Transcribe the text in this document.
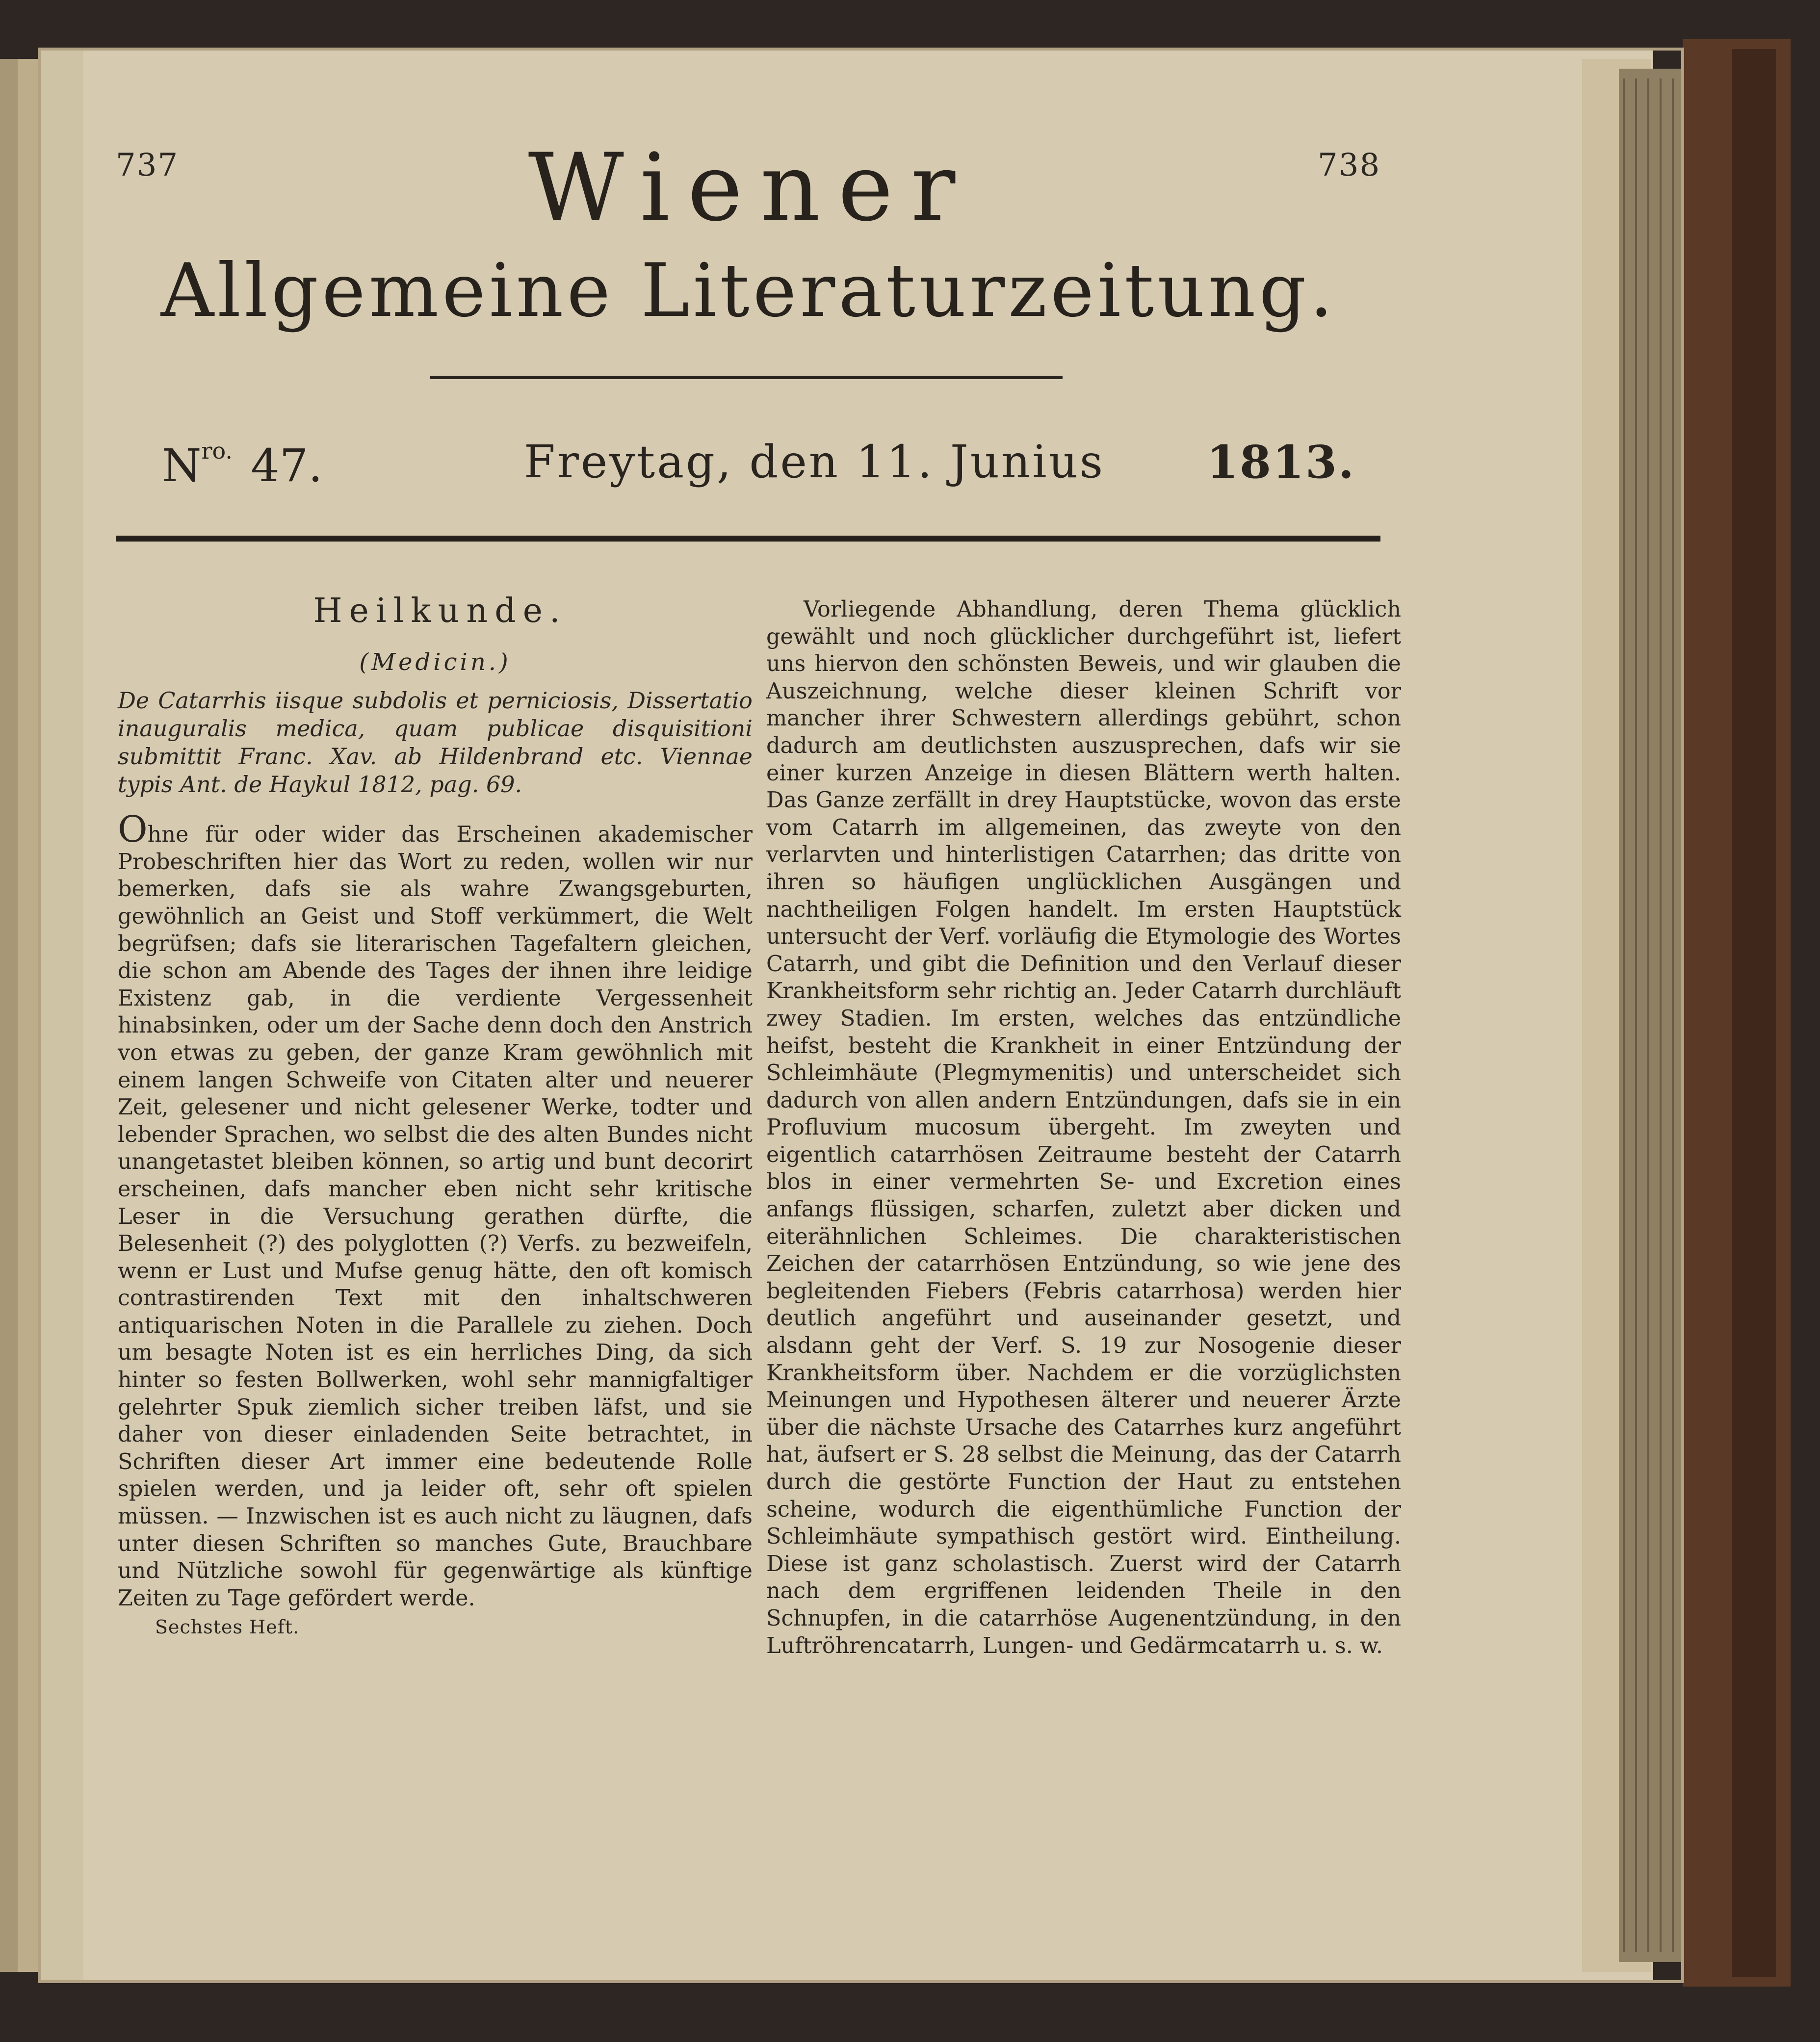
737	738
Wiener
Allgemeine Literaturzeitung.
$N^{ro.}$ 47.	Freytag, den 11. Junius 1813.
Heilkunde.
(Medicin.)

De Catarrhis iisque subdolis et perniciosis, Dissertatio inauguralis medica, quam publicae disquisitioni submittit Franc. Xav. ab Hildenbrand etc. Viennae typis Ant. de Haykul 1812, pag. 69.

Ohne für oder wider das Erscheinen akademischer Probeschriften hier das Wort zu reden, wollen wir nur bemerken, dafs sie als wahre Zwangsgeburten, gewöhnlich an Geist und Stoff verkümmert, die Welt begrüfsen; dafs sie literarischen Tagefaltern gleichen, die schon am Abende des Tages der ihnen ihre leidige Existenz gab, in die verdiente Vergessenheit hinabsinken, oder um der Sache denn doch den Anstrich von etwas zu geben, der ganze Kram gewöhnlich mit einem langen Schweife von Citaten alter und neuerer Zeit, gelesener und nicht gelesener Werke, todter und lebender Sprachen, wo selbst die des alten Bundes nicht unangetastet bleiben können, so artig und bunt decorirt erscheinen, dafs mancher eben nicht sehr kritische Leser in die Versuchung gerathen dürfte, die Belesenheit (?) des polyglotten (?) Verfs. zu bezweifeln, wenn er Lust und Mufse genug hätte, den oft komisch contrastirenden Text mit den inhaltschweren antiquarischen Noten in die Parallele zu ziehen. Doch um besagte Noten ist es ein herrliches Ding, da sich hinter so festen Bollwerken, wohl sehr mannigfaltiger gelehrter Spuk ziemlich sicher treiben läfst, und sie daher von dieser einladenden Seite betrachtet, in Schriften dieser Art immer eine bedeutende Rolle spielen werden, und ja leider oft, sehr oft spielen müssen. — Inzwischen ist es auch nicht zu läugnen, dafs unter diesen Schriften so manches Gute, Brauchbare und Nützliche sowohl für gegenwärtige als künftige Zeiten zu Tage gefördert werde.

Sechstes Heft.

Vorliegende Abhandlung, deren Thema glücklich gewählt und noch glücklicher durchgeführt ist, liefert uns hiervon den schönsten Beweis, und wir glauben die Auszeichnung, welche dieser kleinen Schrift vor mancher ihrer Schwestern allerdings gebührt, schon dadurch am deutlichsten auszusprechen, dafs wir sie einer kurzen Anzeige in diesen Blättern werth halten. Das Ganze zerfällt in drey Hauptstücke, wovon das erste vom Catarrh im allgemeinen, das zweyte von den verlarvten und hinterlistigen Catarrhen; das dritte von ihren so häufigen unglücklichen Ausgängen und nachtheiligen Folgen handelt. Im ersten Hauptstück untersucht der Verf. vorläufig die Etymologie des Wortes Catarrh, und gibt die Definition und den Verlauf dieser Krankheitsform sehr richtig an. Jeder Catarrh durchläuft zwey Stadien. Im ersten, welches das entzündliche heifst, besteht die Krankheit in einer Entzündung der Schleimhäute (Plegmymenitis) und unterscheidet sich dadurch von allen andern Entzündungen, dafs sie in ein Profluvium mucosum übergeht. Im zweyten und eigentlich catarrhösen Zeitraume besteht der Catarrh blos in einer vermehrten Se- und Excretion eines anfangs flüssigen, scharfen, zuletzt aber dicken und eiterähnlichen Schleimes. Die charakteristischen Zeichen der catarrhösen Entzündung, so wie jene des begleitenden Fiebers (Febris catarrhosa) werden hier deutlich angeführt und auseinander gesetzt, und alsdann geht der Verf. S. 19 zur Nosogenie dieser Krankheitsform über. Nachdem er die vorzüglichsten Meinungen und Hypothesen älterer und neuerer Ärzte über die nächste Ursache des Catarrhes kurz angeführt hat, äufsert er S. 28 selbst die Meinung, das der Catarrh durch die gestörte Function der Haut zu entstehen scheine, wodurch die eigenthümliche Function der Schleimhäute sympathisch gestört wird. Eintheilung. Diese ist ganz scholastisch. Zuerst wird der Catarrh nach dem ergriffenen leidenden Theile in den Schnupfen, in die catarrhöse Augenentzündung, in den Luftröhrencatarrh, Lungen- und Gedärmcatarrh u. s. w.
